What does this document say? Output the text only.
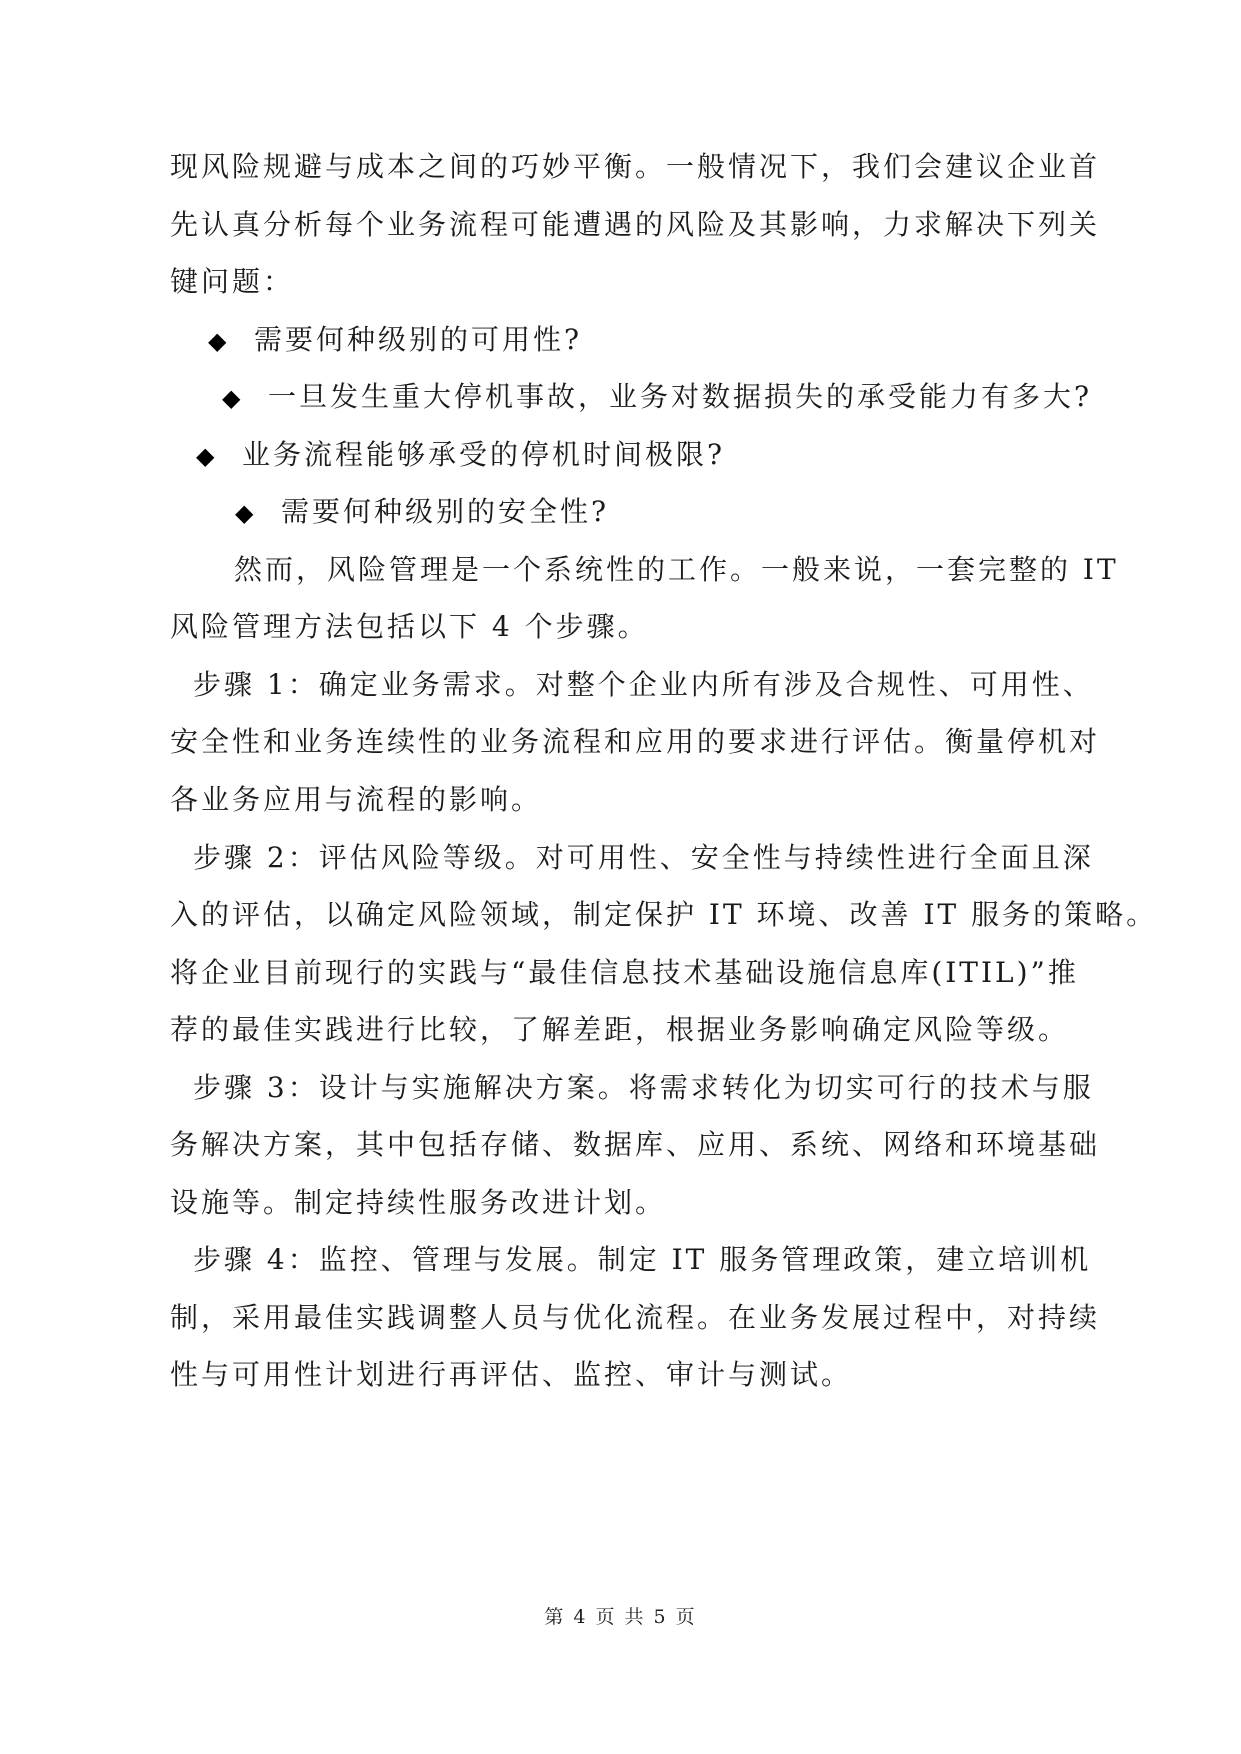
现风险规避与成本之间的巧妙平衡。一般情况下，我们会建议企业首
先认真分析每个业务流程可能遭遇的风险及其影响，力求解决下列关
键问题：
◆ 需要何种级别的可用性?
◆ 一旦发生重大停机事故，业务对数据损失的承受能力有多大?
◆ 业务流程能够承受的停机时间极限?
◆ 需要何种级别的安全性?
然而，风险管理是一个系统性的工作。一般来说，一套完整的 IT
风险管理方法包括以下 4 个步骤。
步骤 1：确定业务需求。对整个企业内所有涉及合规性、可用性、
安全性和业务连续性的业务流程和应用的要求进行评估。衡量停机对
各业务应用与流程的影响。
步骤 2：评估风险等级。对可用性、安全性与持续性进行全面且深
入的评估，以确定风险领域，制定保护 IT 环境、改善 IT 服务的策略。
将企业目前现行的实践与“最佳信息技术基础设施信息库(ITIL)”推
荐的最佳实践进行比较，了解差距，根据业务影响确定风险等级。
步骤 3：设计与实施解决方案。将需求转化为切实可行的技术与服
务解决方案，其中包括存储、数据库、应用、系统、网络和环境基础
设施等。制定持续性服务改进计划。
步骤 4：监控、管理与发展。制定 IT 服务管理政策，建立培训机
制，采用最佳实践调整人员与优化流程。在业务发展过程中，对持续
性与可用性计划进行再评估、监控、审计与测试。
第 4 页 共 5 页
